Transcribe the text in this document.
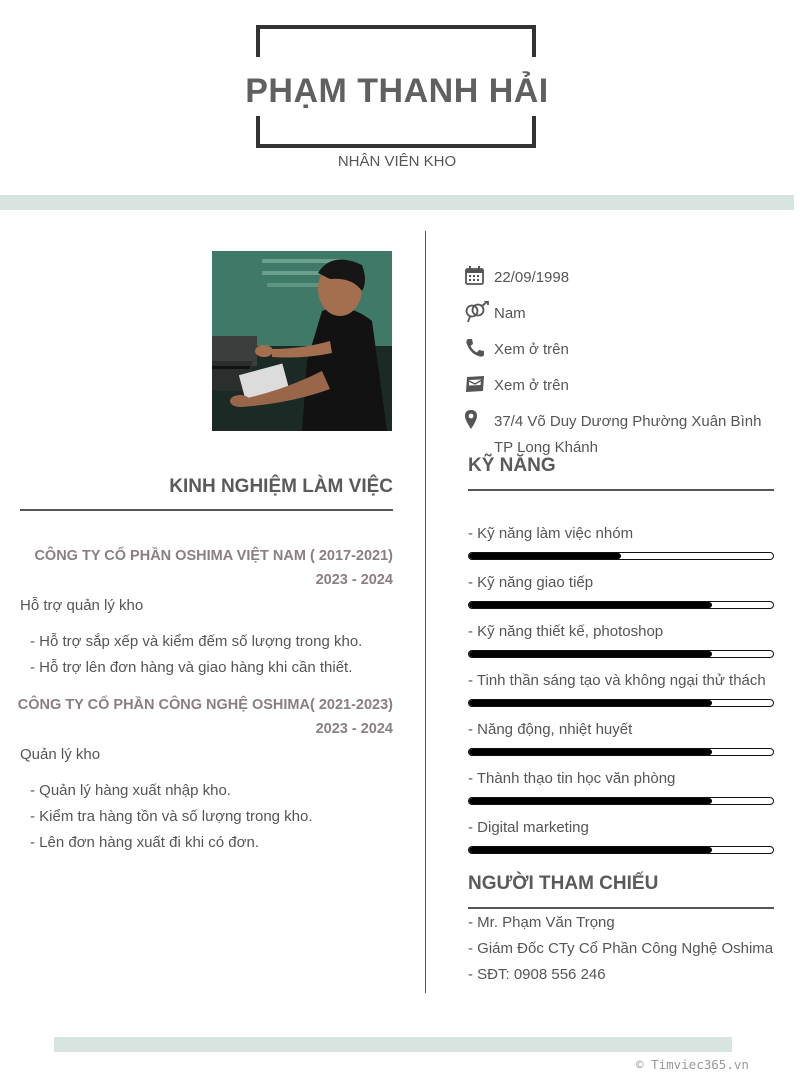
PHẠM THANH HẢI
NHÂN VIÊN KHO
22/09/1998
Nam
Xem ở trên
Xem ở trên
37/4 Võ Duy Dương Phường Xuân Bình TP Long Khánh
KINH NGHIỆM LÀM VIỆC
CÔNG TY CỔ PHẦN OSHIMA VIỆT NAM ( 2017-2021)
2023 - 2024
Hỗ trợ quản lý kho
- Hỗ trợ sắp xếp và kiểm đếm số lượng trong kho.
- Hỗ trợ lên đơn hàng và giao hàng khi cần thiết.
CÔNG TY CỔ PHẦN CÔNG NGHỆ OSHIMA( 2021-2023)
2023 - 2024
Quản lý kho
- Quản lý hàng xuất nhập kho.
- Kiểm tra hàng tồn và số lượng trong kho.
- Lên đơn hàng xuất đi khi có đơn.
KỸ NĂNG
- Kỹ năng làm việc nhóm
- Kỹ năng giao tiếp
- Kỹ năng thiết kế, photoshop
- Tinh thần sáng tạo và không ngại thử thách
- Năng động, nhiệt huyết
- Thành thạo tin học văn phòng
- Digital marketing
NGƯỜI THAM CHIẾU
- Mr. Phạm Văn Trọng
- Giám Đốc CTy Cổ Phần Công Nghệ Oshima
- SĐT: 0908 556 246
© Timviec365.vn
